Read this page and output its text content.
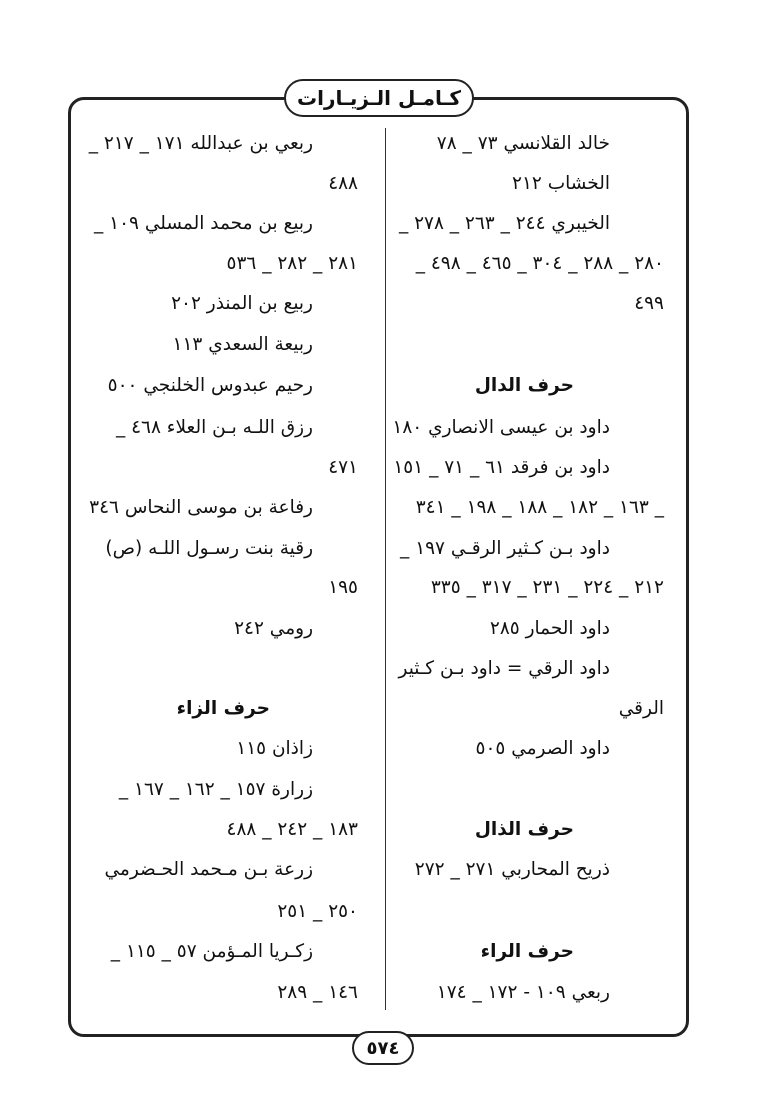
كـامـل الـزيـارات
خالد القلانسي ٧٣ _ ٧٨
الخشاب ٢١٢
الخيبري ٢٤٤ _ ٢٦٣ _ ٢٧٨ _
٢٨٠ _ ٢٨٨ _ ٣٠٤ _ ٤٦٥ _ ٤٩٨ _
٤٩٩
حرف الدال
داود بن عيسى الانصاري ١٨٠
داود بن فرقد ٦١ _ ٧١ _ ١٥١
_ ١٦٣ _ ١٨٢ _ ١٨٨ _ ١٩٨ _ ٣٤١
داود بـن كـثير الرقـي ١٩٧ _
٢١٢ _ ٢٢٤ _ ٢٣١ _ ٣١٧ _ ٣٣٥
داود الحمار ٢٨٥
داود الرقي = داود بـن كـثير
الرقي
داود الصرمي ٥٠٥
حرف الذال
ذريح المحاربي ٢٧١ _ ٢٧٢
حرف الراء
ربعي ١٠٩ - ١٧٢ _ ١٧٤
ربعي بن عبدالله ١٧١ _ ٢١٧ _
٤٨٨
ربيع بن محمد المسلي ١٠٩ _
٢٨١ _ ٢٨٢ _ ٥٣٦
ربيع بن المنذر ٢٠٢
ربيعة السعدي ١١٣
رحيم عبدوس الخلنجي ٥٠٠
رزق اللـه بـن العلاء ٤٦٨ _
٤٧١
رفاعة بن موسى النحاس ٣٤٦
رقية بنت رسـول اللـه (ص)
١٩٥
رومي ٢٤٢
حرف الزاء
زاذان ١١٥
زرارة ١٥٧ _ ١٦٢ _ ١٦٧ _
١٨٣ _ ٢٤٢ _ ٤٨٨
زرعة بـن مـحمد الحـضرمي
٢٥٠ _ ٢٥١
زكـريا المـؤمن ٥٧ _ ١١٥ _
١٤٦ _ ٢٨٩
٥٧٤
